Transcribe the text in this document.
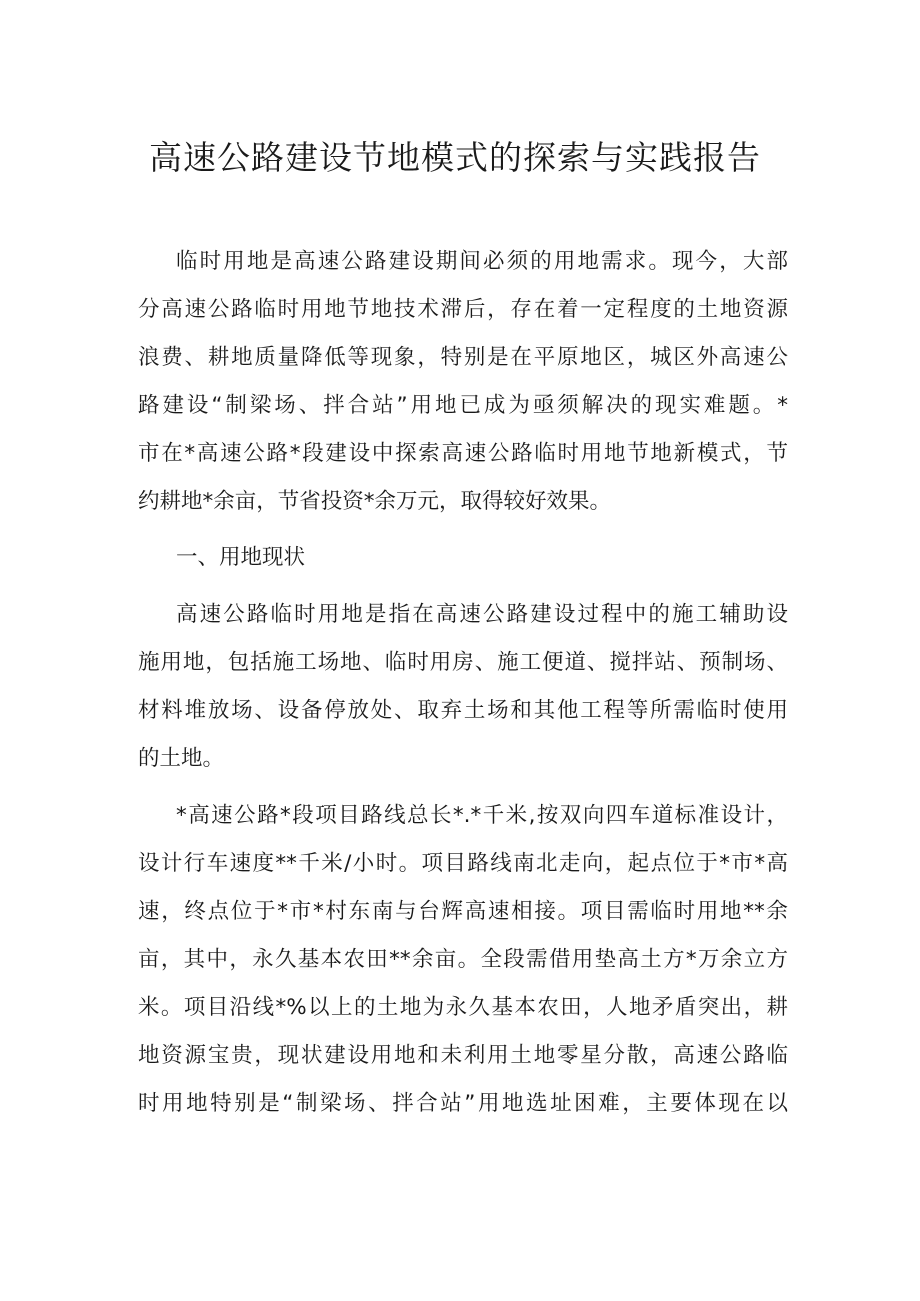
高速公路建设节地模式的探索与实践报告
临时用地是高速公路建设期间必须的用地需求。现今，大部
分高速公路临时用地节地技术滞后，存在着一定程度的土地资源
浪费、耕地质量降低等现象，特别是在平原地区，城区外高速公
路建设“制梁场、拌合站”用地已成为亟须解决的现实难题。*
市在*高速公路*段建设中探索高速公路临时用地节地新模式，节
约耕地*余亩，节省投资*余万元，取得较好效果。
一、用地现状
高速公路临时用地是指在高速公路建设过程中的施工辅助设
施用地，包括施工场地、临时用房、施工便道、搅拌站、预制场、
材料堆放场、设备停放处、取弃土场和其他工程等所需临时使用
的土地。
*高速公路*段项目路线总长*.*千米,按双向四车道标准设计，
设计行车速度**千米/小时。项目路线南北走向，起点位于*市*高
速，终点位于*市*村东南与台辉高速相接。项目需临时用地**余
亩，其中，永久基本农田**余亩。全段需借用垫高土方*万余立方
米。项目沿线*%以上的土地为永久基本农田，人地矛盾突出，耕
地资源宝贵，现状建设用地和未利用土地零星分散，高速公路临
时用地特别是“制梁场、拌合站”用地选址困难，主要体现在以
